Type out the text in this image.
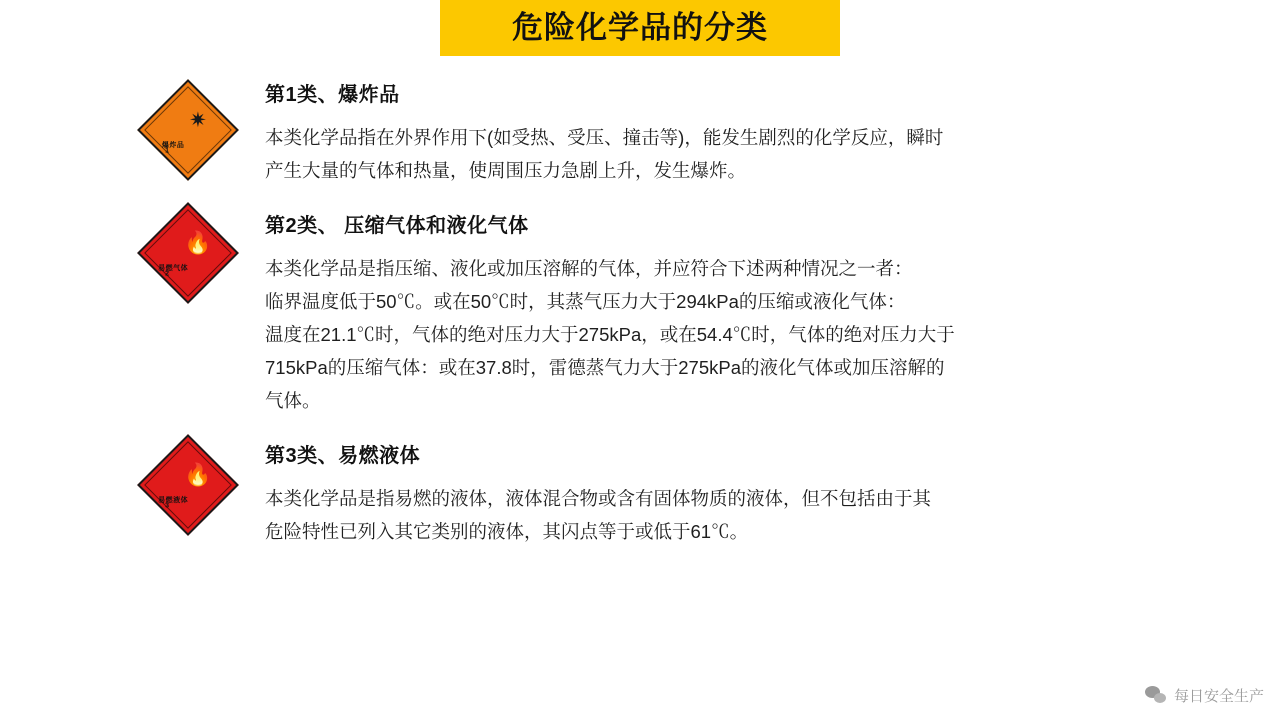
危险化学品的分类
✷
爆炸品
1
第1类、爆炸品

本类化学品指在外界作用下(如受热、受压、撞击等)，能发生剧烈的化学反应，瞬时
产生大量的气体和热量，使周围压力急剧上升，发生爆炸。

🔥
易燃气体
2
第2类、 压缩气体和液化气体

本类化学品是指压缩、液化或加压溶解的气体，并应符合下述两种情况之一者：
临界温度低于50℃。或在50℃时，其蒸气压力大于294kPa的压缩或液化气体：
温度在21.1℃时，气体的绝对压力大于275kPa，或在54.4℃时，气体的绝对压力大于
715kPa的压缩气体：或在37.8时，雷德蒸气力大于275kPa的液化气体或加压溶解的
气体。

🔥
易燃液体
3
第3类、易燃液体

本类化学品是指易燃的液体，液体混合物或含有固体物质的液体，但不包括由于其
危险特性已列入其它类别的液体，其闪点等于或低于61℃。

每日安全生产
